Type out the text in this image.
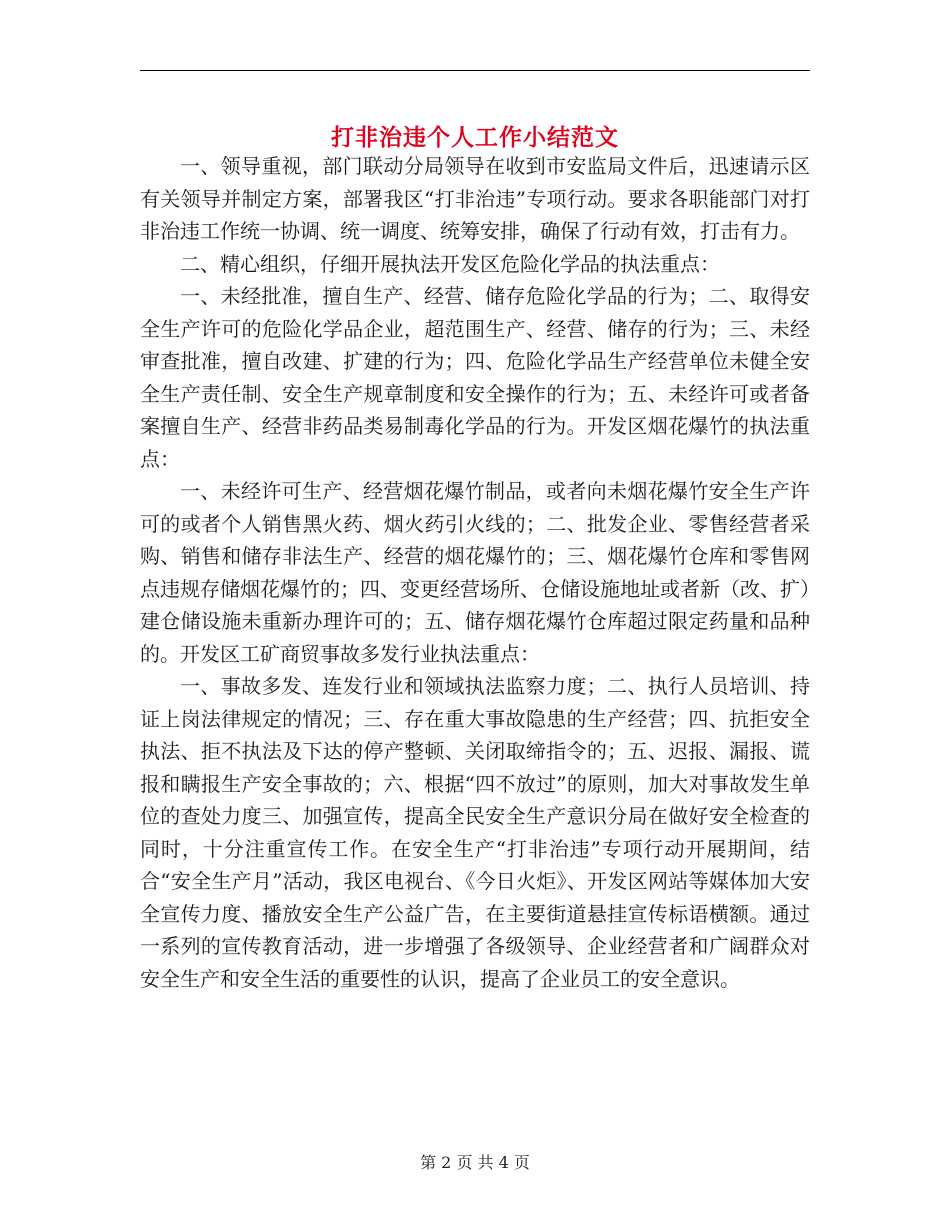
打非治违个人工作小结范文

一、领导重视，部门联动分局领导在收到市安监局文件后，迅速请示区有关领导并制定方案，部署我区“打非治违”专项行动。要求各职能部门对打非治违工作统一协调、统一调度、统筹安排，确保了行动有效，打击有力。

二、精心组织，仔细开展执法开发区危险化学品的执法重点：

一、未经批准，擅自生产、经营、储存危险化学品的行为；二、取得安全生产许可的危险化学品企业，超范围生产、经营、储存的行为；三、未经审查批准，擅自改建、扩建的行为；四、危险化学品生产经营单位未健全安全生产责任制、安全生产规章制度和安全操作的行为；五、未经许可或者备案擅自生产、经营非药品类易制毒化学品的行为。开发区烟花爆竹的执法重点：

一、未经许可生产、经营烟花爆竹制品，或者向未烟花爆竹安全生产许可的或者个人销售黑火药、烟火药引火线的；二、批发企业、零售经营者采购、销售和储存非法生产、经营的烟花爆竹的；三、烟花爆竹仓库和零售网点违规存储烟花爆竹的；四、变更经营场所、仓储设施地址或者新（改、扩）建仓储设施未重新办理许可的；五、储存烟花爆竹仓库超过限定药量和品种的。开发区工矿商贸事故多发行业执法重点：

一、事故多发、连发行业和领域执法监察力度；二、执行人员培训、持证上岗法律规定的情况；三、存在重大事故隐患的生产经营；四、抗拒安全执法、拒不执法及下达的停产整顿、关闭取缔指令的；五、迟报、漏报、谎报和瞒报生产安全事故的；六、根据“四不放过”的原则，加大对事故发生单位的查处力度三、加强宣传，提高全民安全生产意识分局在做好安全检查的同时，十分注重宣传工作。在安全生产“打非治违”专项行动开展期间，结合“安全生产月”活动，我区电视台、《今日火炬》、开发区网站等媒体加大安全宣传力度、播放安全生产公益广告，在主要街道悬挂宣传标语横额。通过一系列的宣传教育活动，进一步增强了各级领导、企业经营者和广阔群众对安全生产和安全生活的重要性的认识，提高了企业员工的安全意识。

第 2 页 共 4 页
